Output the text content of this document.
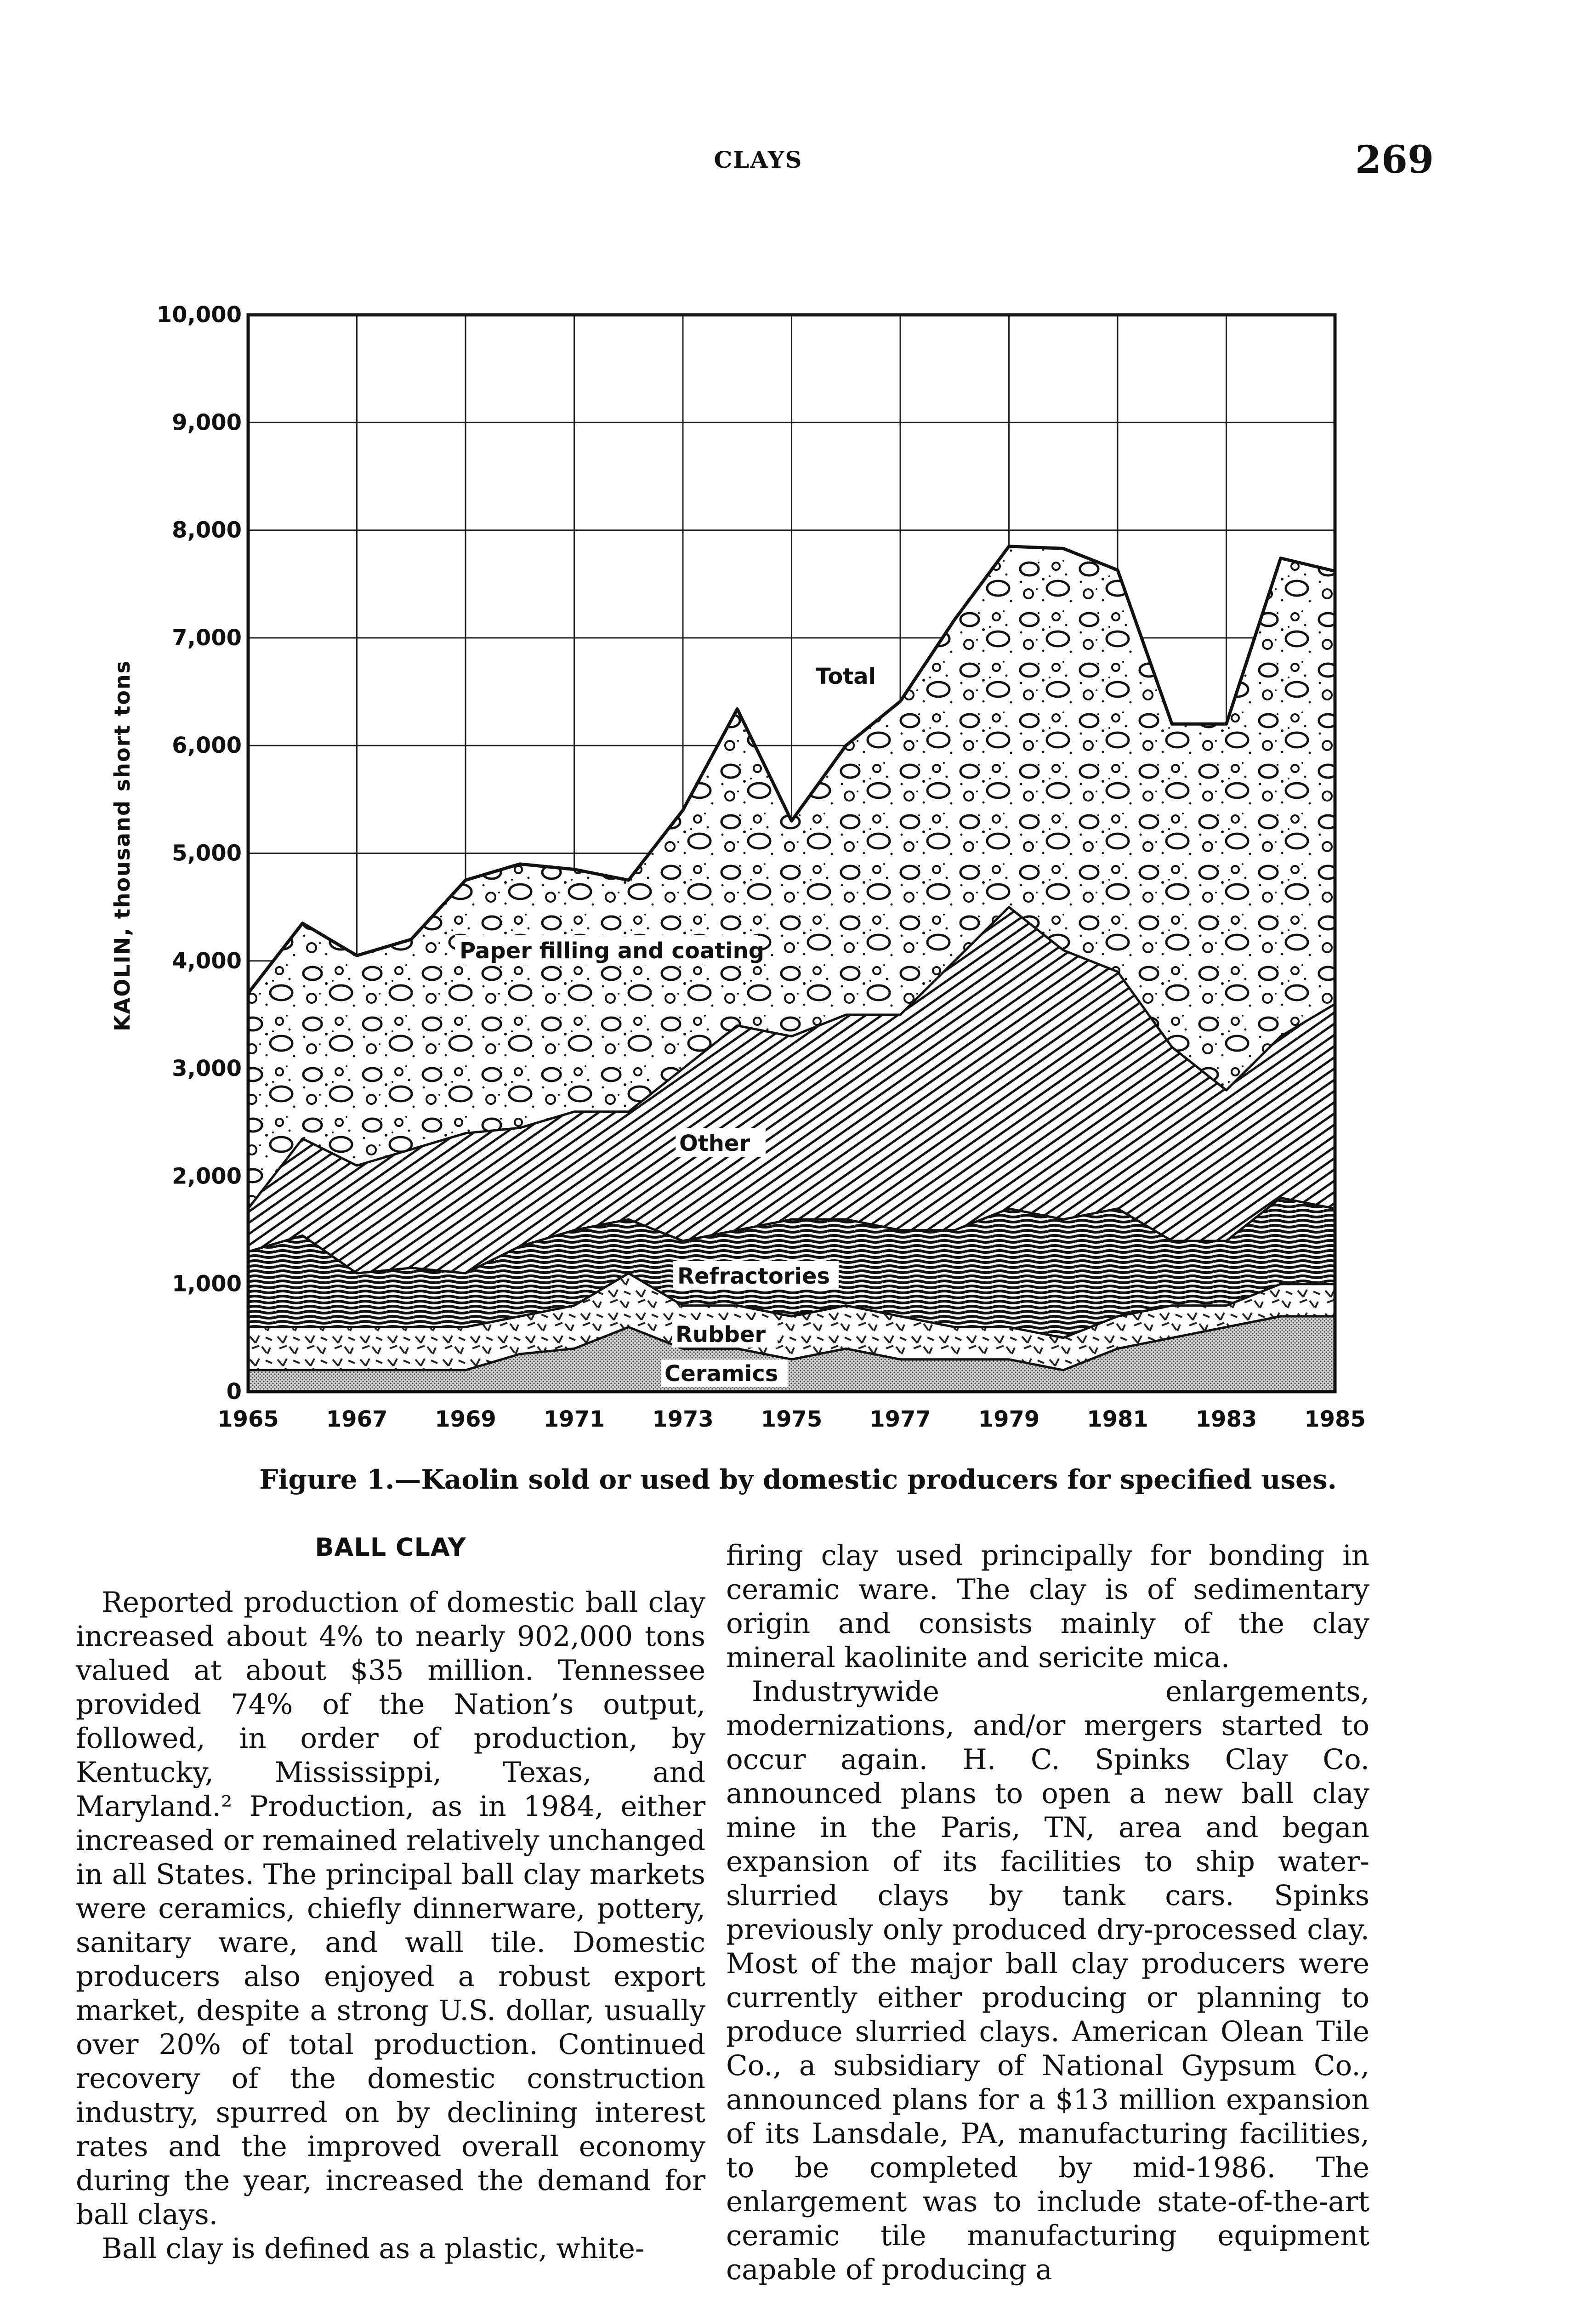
CLAYS	269
0
1,000
2,000
3,000
4,000
5,000
6,000
7,000
8,000
9,000
10,000
1965 1967 1969 1971 1973 1975 1977 1979 1981 1983 1985
KAOLIN, thousand short tons	Total
Paper filling and coating
Other
Refractories
Rubber
Ceramics
Figure 1.—Kaolin sold or used by domestic producers for specified uses.
BALL CLAY

Reported production of domestic ball clay increased about 4% to nearly 902,000 tons valued at about $35 million. Tennessee provided 74% of the Nation’s output, followed, in order of production, by Kentucky, Mississippi, Texas, and Maryland.² Production, as in 1984, either increased or remained relatively unchanged in all States. The principal ball clay markets were ceramics, chiefly dinnerware, pottery, sanitary ware, and wall tile. Domestic producers also enjoyed a robust export market, despite a strong U.S. dollar, usually over 20% of total production. Continued recovery of the domestic construction industry, spurred on by declining interest rates and the improved overall economy during the year, increased the demand for ball clays.

Ball clay is defined as a plastic, white-

firing clay used principally for bonding in ceramic ware. The clay is of sedimentary origin and consists mainly of the clay mineral kaolinite and sericite mica.

Industrywide enlargements, modernizations, and/or mergers started to occur again. H. C. Spinks Clay Co. announced plans to open a new ball clay mine in the Paris, TN, area and began expansion of its facilities to ship water-slurried clays by tank cars. Spinks previously only produced dry-processed clay. Most of the major ball clay producers were currently either producing or planning to produce slurried clays. American Olean Tile Co., a subsidiary of National Gypsum Co., announced plans for a $13 million expansion of its Lansdale, PA, manufacturing facilities, to be completed by mid-1986. The enlargement was to include state-of-the-art ceramic tile manufacturing equipment capable of producing a
